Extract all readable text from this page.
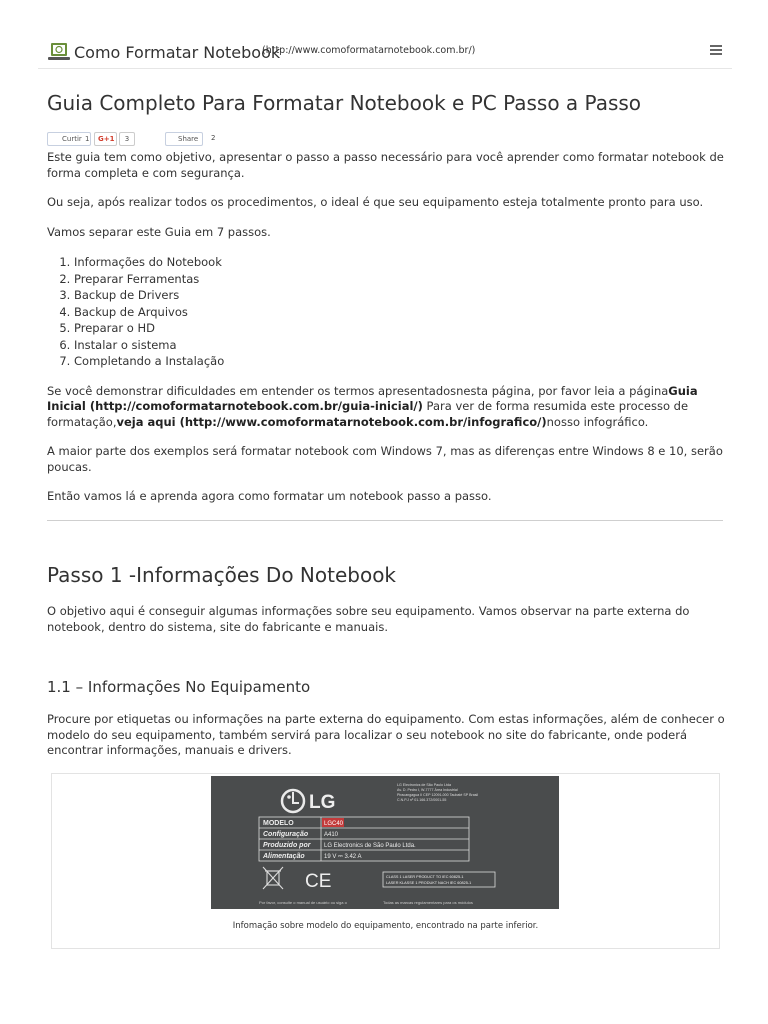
Como Formatar Notebook
(http://www.comoformatarnotebook.com.br/)
Guia Completo Para Formatar Notebook e PC Passo a Passo
Curtir 1 G+1	3	Share 2

Este guia tem como objetivo, apresentar o passo a passo necessário para você aprender como formatar notebook de forma completa e com segurança.

Ou seja, após realizar todos os procedimentos, o ideal é que seu equipamento esteja totalmente pronto para uso.

Vamos separar este Guia em 7 passos.

1. Informações do Notebook
2. Preparar Ferramentas
3. Backup de Drivers
4. Backup de Arquivos
5. Preparar o HD
6. Instalar o sistema
7. Completando a Instalação

Se você demonstrar dificuldades em entender os termos apresentadosnesta página, por favor leia a páginaGuia Inicial (http://comoformatarnotebook.com.br/guia-inicial/) Para ver de forma resumida este processo de formatação,veja aqui (http://www.comoformatarnotebook.com.br/infografico/)nosso infográfico.

A maior parte dos exemplos será formatar notebook com Windows 7, mas as diferenças entre Windows 8 e 10, serão poucas.

Então vamos lá e aprenda agora como formatar um notebook passo a passo.

Passo 1 -Informações Do Notebook

O objetivo aqui é conseguir algumas informações sobre seu equipamento. Vamos observar na parte externa do notebook, dentro do sistema, site do fabricante e manuais.

1.1 – Informações No Equipamento

Procure por etiquetas ou informações na parte externa do equipamento. Com estas informações, além de conhecer o modelo do seu equipamento, também servirá para localizar o seu notebook no site do fabricante, onde poderá encontrar informações, manuais e drivers.

LG
LG Electronics de São Paulo Ltda
Av. D. Pedro I, W-7777 Área Industrial
Piracangagua II CEP 12091-000 Taubaté SP Brasil
C.N.P.J nº 01.166.372/0001-55
MODELO	LGC40
Configuração	A410
Produzido por LG Electronics de São Paulo Ltda.
Alimentação	19 V ⎓ 3.42 A
CE	CLASS 1 LASER PRODUCT TO IEC 60825-1
LASER KLASSE 1 PRODUKT NACH IEC 60825-1
Por favor, consulte o manual de usuário ou siga o	Todas as marcas regulamentares para os módulos
Infomação sobre modelo do equipamento, encontrado na parte inferior.
